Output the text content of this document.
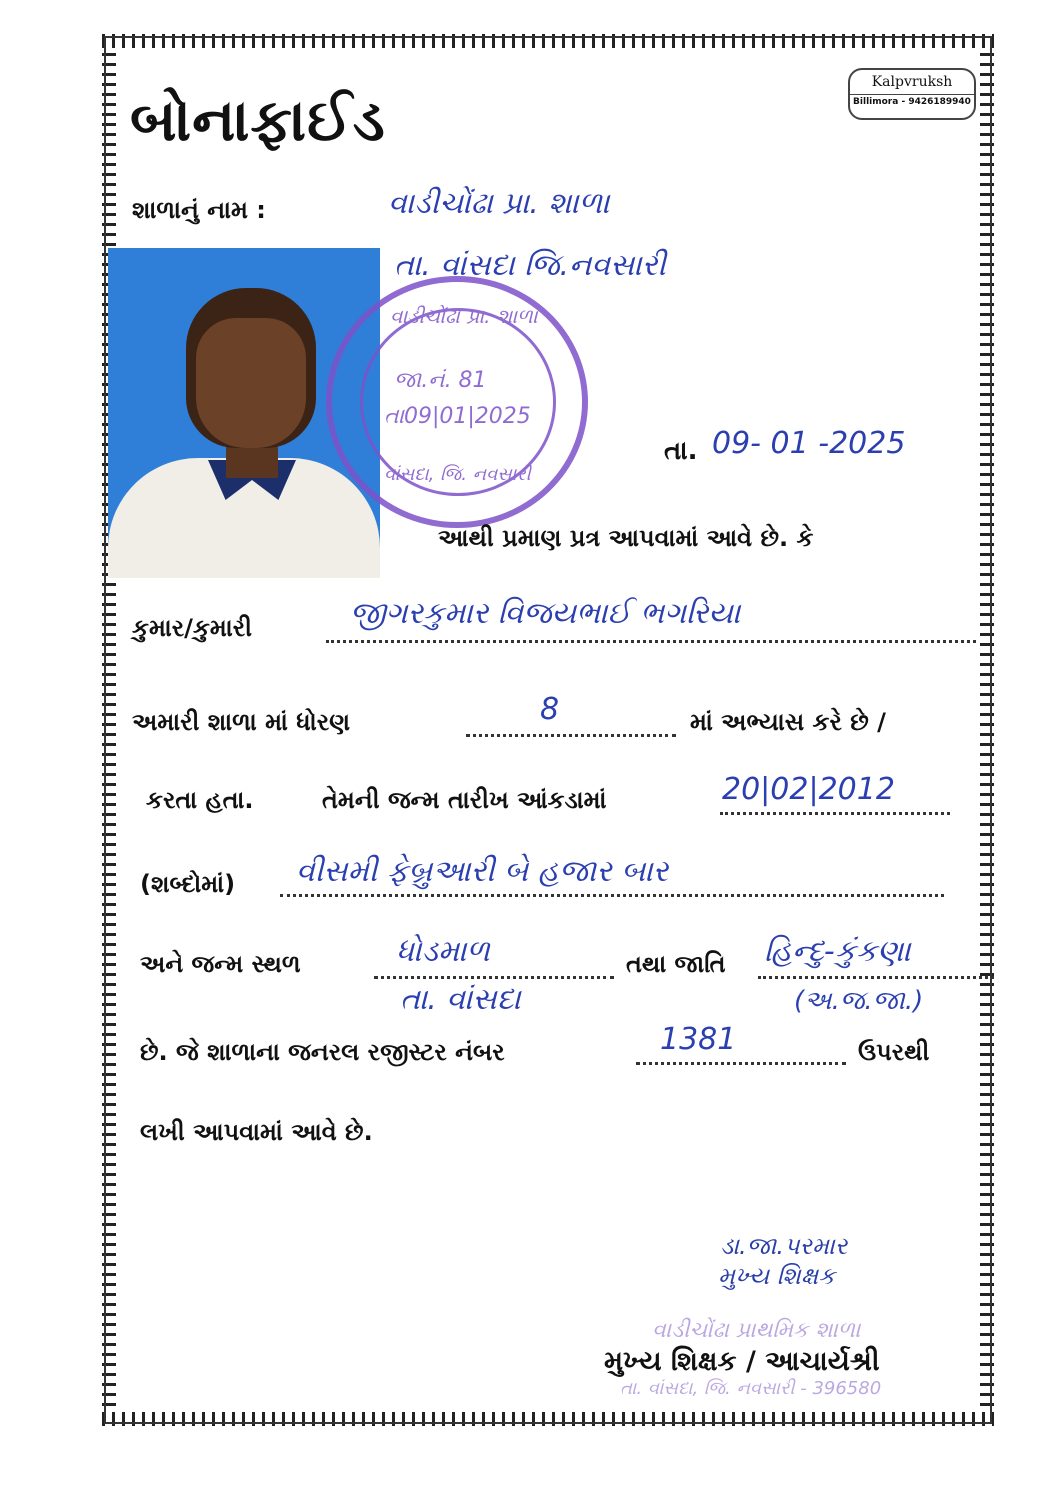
Kalpvruksh
Billimora - 9426189940
બોનાફાઈડ
શાળાનું નામ :	વાડીચોંઢા પ્રા. શાળા
તા. વાંસદા જિ.નવસારી
વાડીચોંઢા પ્રા. શાળા
જા.નં. 81
તા09|01|2025
વાંસદા, જિ. નવસારી
તા. 09- 01 -2025
આથી પ્રમાણ પ્રત્ર આપવામાં આવે છે. કે
કુમાર/કુમારી	જીગરકુમાર વિજયભાઈ ભગરિયા
અમારી શાળા માં ધોરણ	8	માં અભ્યાસ કરે છે /
કરતા હતા.	તેમની જન્મ તારીખ આંકડામાં	20|02|2012
(શબ્દોમાં) વીસમી ફેબ્રુઆરી બે હજાર બાર
અને જન્મ સ્થળ	ધોડમાળ
તા. વાંસદા
તથા જાતિ હિન્દુ-કુંકણા
(અ.જ.જા.)
છે. જે શાળાના જનરલ રજીસ્ટર નંબર	1381	ઉપરથી
લખી આપવામાં આવે છે.
ડા.જા.પરમાર
મુખ્ય શિક્ષક
વાડીચોંઢા પ્રાથમિક શાળા
તા. વાંસદા, જિ. નવસારી - 396580
મુખ્ય શિક્ષક / આચાર્યશ્રી
